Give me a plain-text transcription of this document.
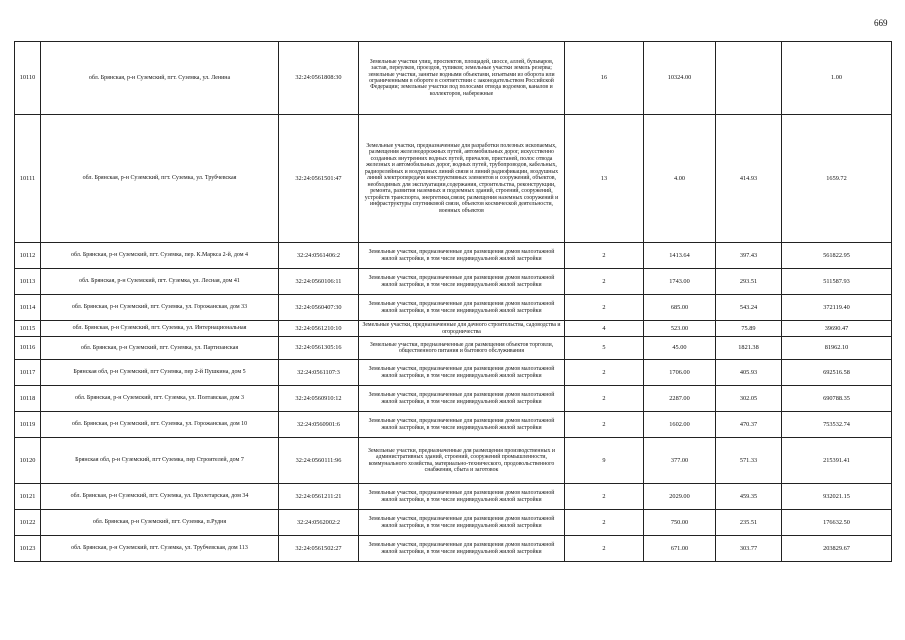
669
10110	обл. Брянская, р-н Суземский, пгт. Суземка, ул. Ленина	32:24:0561808:30	Земельные участки улиц, проспектов, площадей, шоссе, аллей, бульваров, застав, переулков, проездов, тупиков; земельные участки земель резерва; земельные участки, занятые водными объектами, изъятыми из оборота или ограниченными в обороте в соответствии с законодательством Российской Федерации; земельные участки под полосами отвода водоемов, каналов и коллекторов, набережные	16	10324.00		1.00
10111	обл. Брянская, р-н Суземский, пгт. Суземка, ул. Трубчевская	32:24:0561501:47	Земельные участки, предназначенные для разработки полезных ископаемых, размещения железнодорожных путей, автомобильных дорог, искусственно созданных внутренних водных путей, причалов, пристаней, полос отвода железных и автомобильных дорог, водных путей, трубопроводов, кабельных, радиорелейных и воздушных линий связи и линий радиофикации, воздушных линий электропередачи конструктивных элементов и сооружений, объектов, необходимых для эксплуатации,содержания, строительства, реконструкции, ремонта, развития наземных и подземных зданий, строений, сооружений, устройств транспорта, энергетики,связи; размещения наземных сооружений и инфраструктуры спутниковой связи, объектов космической деятельности, военных объектов	13	4.00	414.93	1659.72
10112	обл. Брянская, р-н Суземский, пгт. Суземка, пер. К.Маркса 2-й, дом 4	32:24:0561406:2	Земельные участки, предназначенные для размещения домов малоэтажной жилой застройки, в том числе индивидуальной жилой застройки	2	1413.64	397.43	561822.95
10113	обл. Брянская, р-н Суземский, пгт. Суземка, ул. Лесная, дом 41	32:24:0560106:11	Земельные участки, предназначенные для размещения домов малоэтажной жилой застройки, в том числе индивидуальной жилой застройки	2	1743.00	293.51	511587.93
10114	обл. Брянская, р-н Суземский, пгт. Суземка, ул. Горожанская, дом 33	32:24:0560407:30	Земельные участки, предназначенные для размещения домов малоэтажной жилой застройки, в том числе индивидуальной жилой застройки	2	685.00	543.24	372119.40
10115	обл. Брянская, р-н Суземский, пгт. Суземка, ул. Интернациональная	32:24:0561210:10	Земельные участки, предназначенные для дачного строительства, садоводства и огородничества	4	523.00	75.89	39690.47
10116	обл. Брянская, р-н Суземский, пгт. Суземка, ул. Партизанская	32:24:0561305:16	Земельные участки, предназначенные для размещения объектов торговли, общественного питания и бытового обслуживания	5	45.00	1821.38	81962.10
10117	Брянская обл, р-н Суземский, пгт Суземка, пер 2-й Пушкина, дом 5	32:24:0561107:3	Земельные участки, предназначенные для размещения домов малоэтажной жилой застройки, в том числе индивидуальной жилой застройки	2	1706.00	405.93	692516.58
10118	обл. Брянская, р-н Суземский, пгт. Суземка, ул. Полтавская, дом 3	32:24:0560910:12	Земельные участки, предназначенные для размещения домов малоэтажной жилой застройки, в том числе индивидуальной жилой застройки	2	2287.00	302.05	690788.35
10119	обл. Брянская, р-н Суземский, пгт. Суземка, ул. Горожанская, дом 10	32:24:0560901:6	Земельные участки, предназначенные для размещения домов малоэтажной жилой застройки, в том числе индивидуальной жилой застройки	2	1602.00	470.37	753532.74
10120	Брянская обл, р-н Суземский, пгт Суземка, пер Строителей, дом 7	32:24:0560111:96	Земельные участки, предназначенные для размещения производственных и административных зданий, строений, сооружений промышленности, коммунального хозяйства, материально-технического, продовольственного снабжения, сбыта и заготовок	9	377.00	571.33	215391.41
10121	обл. Брянская, р-н Суземский, пгт. Суземка, ул. Пролетарская, дом 34	32:24:0561211:21	Земельные участки, предназначенные для размещения домов малоэтажной жилой застройки, в том числе индивидуальной жилой застройки	2	2029.00	459.35	932021.15
10122	обл. Брянская, р-н Суземский, пгт. Суземка, п.Рудня	32:24:0562002:2	Земельные участки, предназначенные для размещения домов малоэтажной жилой застройки, в том числе индивидуальной жилой застройки	2	750.00	235.51	176632.50
10123	обл. Брянская, р-н Суземский, пгт. Суземка, ул. Трубчевская, дом 113	32:24:0561502:27	Земельные участки, предназначенные для размещения домов малоэтажной жилой застройки, в том числе индивидуальной жилой застройки	2	671.00	303.77	203829.67
